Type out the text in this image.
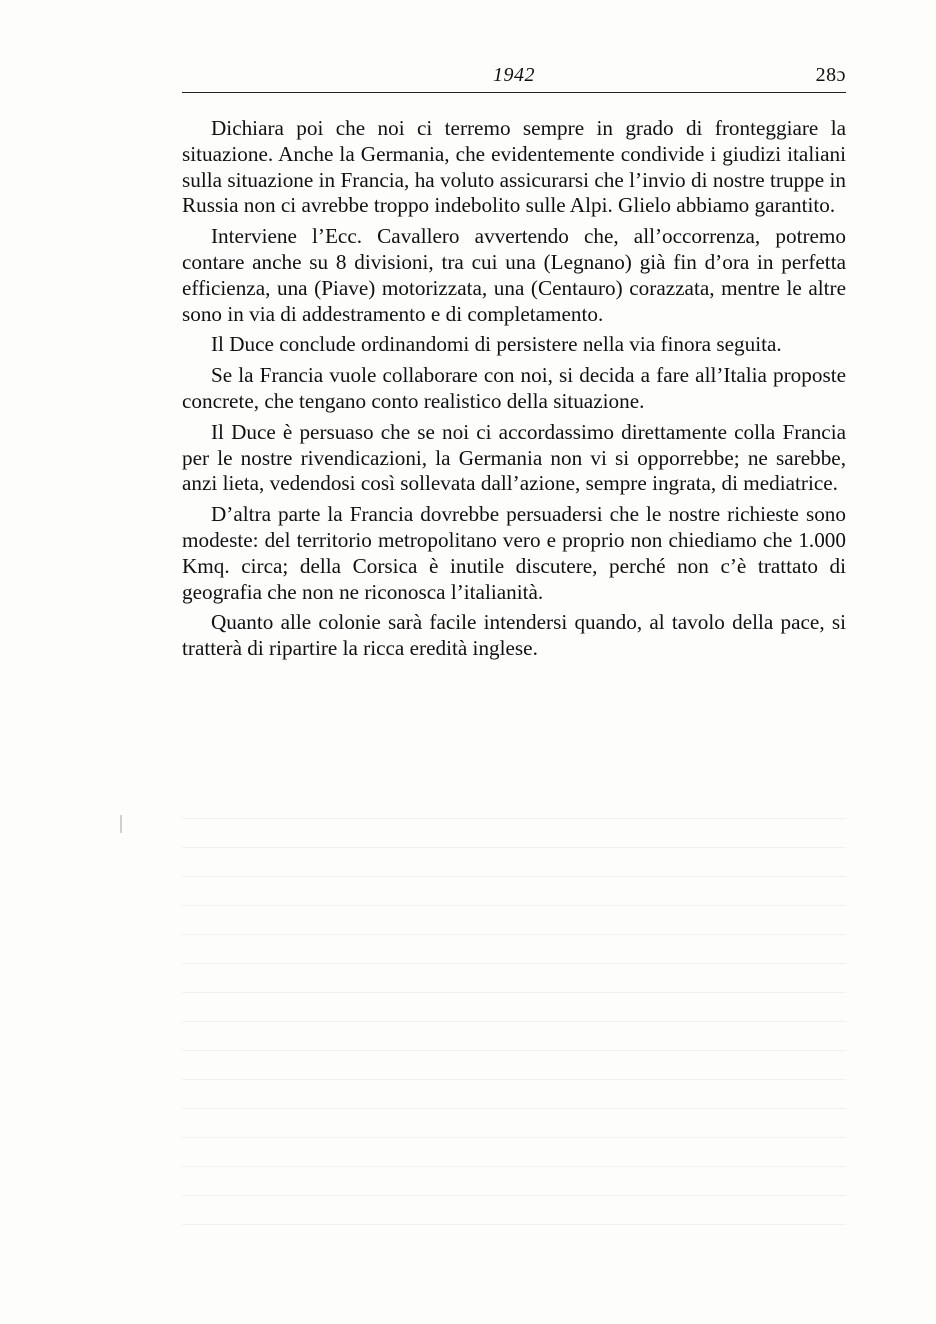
1942	28ɔ

Dichiara poi che noi ci terremo sempre in grado di fronteggiare la situazione. Anche la Germania, che evidentemente condivide i giudizi italiani sulla situazione in Francia, ha voluto assicurarsi che l’invio di nostre truppe in Russia non ci avrebbe troppo indebolito sulle Alpi. Glielo abbiamo garantito.

Interviene l’Ecc. Cavallero avvertendo che, all’occorrenza, potremo contare anche su 8 divisioni, tra cui una (Legnano) già fin d’ora in perfetta efficienza, una (Piave) motorizzata, una (Centauro) corazzata, mentre le altre sono in via di addestramento e di completamento.

Il Duce conclude ordinandomi di persistere nella via finora seguita.

Se la Francia vuole collaborare con noi, si decida a fare all’Italia proposte concrete, che tengano conto realistico della situazione.

Il Duce è persuaso che se noi ci accordassimo direttamente colla Francia per le nostre rivendicazioni, la Germania non vi si opporrebbe; ne sarebbe, anzi lieta, vedendosi così sollevata dall’azione, sempre ingrata, di mediatrice.

D’altra parte la Francia dovrebbe persuadersi che le nostre richieste sono modeste: del territorio metropolitano vero e proprio non chiediamo che 1.000 Kmq. circa; della Corsica è inutile discutere, perché non c’è trattato di geografia che non ne riconosca l’italianità.

Quanto alle colonie sarà facile intendersi quando, al tavolo della pace, si tratterà di ripartire la ricca eredità inglese.
